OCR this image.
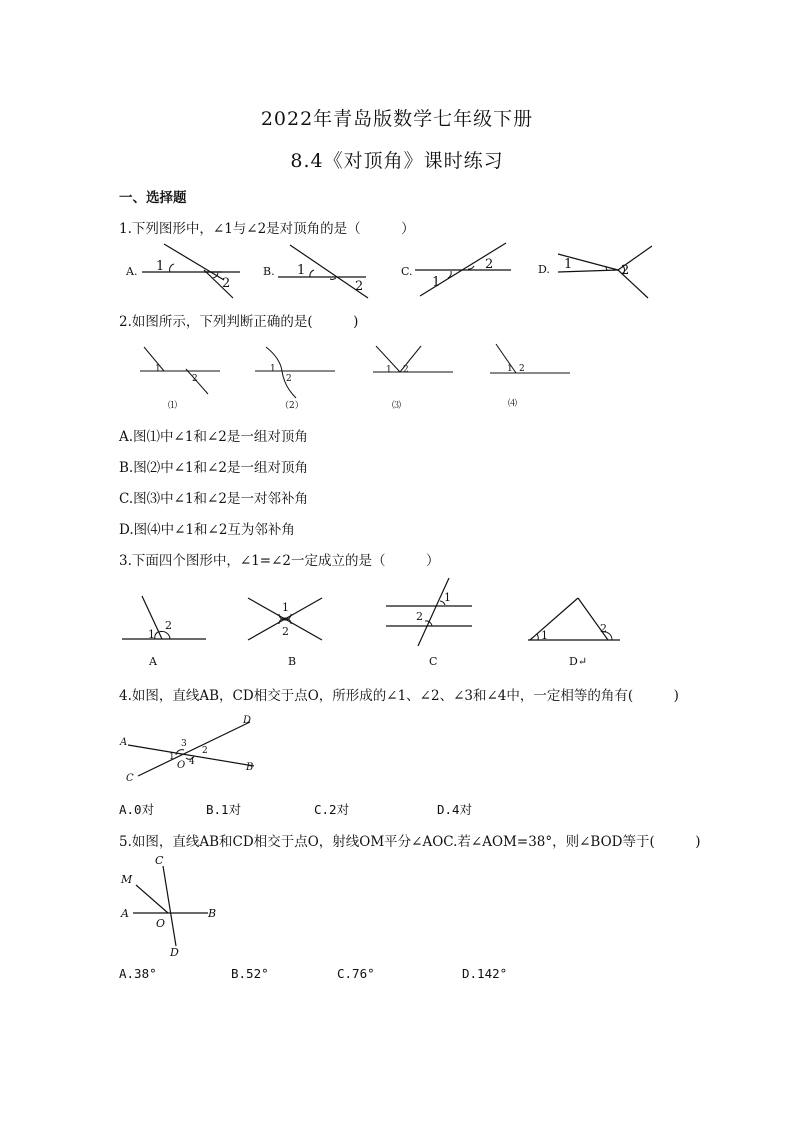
2022年青岛版数学七年级下册
8.4《对顶角》课时练习
一、选择题
1.下列图形中，∠1与∠2是对顶角的是（　　　）
A. 1
2
B. 1
2
C.
1
2	D. 1	2
2.如图所示，下列判断正确的是(　　　)
1
2
⑴
1
2
（2）
1 2
⑶
1 2
⑷
A.图⑴中∠1和∠2是一组对顶角
B.图⑵中∠1和∠2是一组对顶角
C.图⑶中∠1和∠2是一对邻补角
D.图⑷中∠1和∠2互为邻补角
3.下面四个图形中，∠1=∠2一定成立的是（　　　）
1
2
A
1
2
B
1
2
C
1
2
D↵
4.如图，直线AB，CD相交于点O，所形成的∠1、∠2、∠3和∠4中，一定相等的角有(　　　)
A
B
C
D
O
1
2
3
4
A.0对	B.1对	C.2对	D.4对
5.如图，直线AB和CD相交于点O，射线OM平分∠AOC.若∠AOM=38°，则∠BOD等于(　　　)
C
M
A
O
B
D
A.38°	B.52°	C.76°	D.142°
